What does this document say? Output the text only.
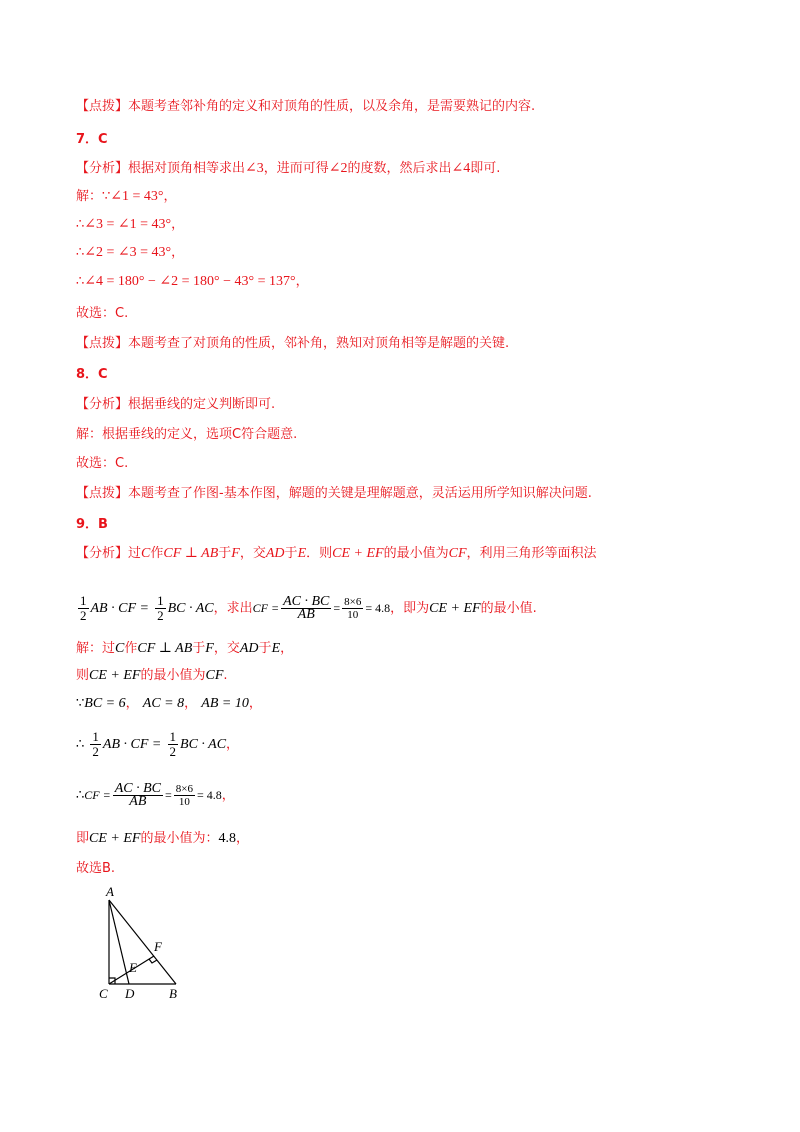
【点拨】本题考查邻补角的定义和对顶角的性质，以及余角，是需要熟记的内容.
7．C
【分析】根据对顶角相等求出∠3，进而可得∠2的度数，然后求出∠4即可.
解：∵∠1 = 43°，
∴∠3 = ∠1 = 43°，
∴∠2 = ∠3 = 43°，
∴∠4 = 180° − ∠2 = 180° − 43° = 137°，
故选：C.
【点拨】本题考查了对顶角的性质，邻补角，熟知对顶角相等是解题的关键.
8．C
【分析】根据垂线的定义判断即可.
解：根据垂线的定义，选项C符合题意.
故选：C.
【点拨】本题考查了作图-基本作图，解题的关键是理解题意，灵活运用所学知识解决问题.
9．B
【分析】过C作CF ⊥ AB于F，交AD于E．则CE + EF的最小值为CF，利用三角形等面积法
$\frac{1}{2}$ AB · CF = $\frac{1}{2}$ BC · AC，求出CF = $\frac{AC \cdot BC}{AB} = \frac{8\times 6}{10} = 4.8$，即为CE + EF的最小值.
解：过C作CF ⊥ AB于F，交AD于E，
则CE + EF的最小值为CF.
∵BC = 6， AC = 8， AB = 10，
∴ $\frac{1}{2}$ AB · CF = $\frac{1}{2}$ BC · AC，
∴CF = $\frac{AC \cdot BC}{AB} = \frac{8\times 6}{10} = 4.8$，
即CE + EF的最小值为：4.8，
故选B.
A
F
E
C D	B
